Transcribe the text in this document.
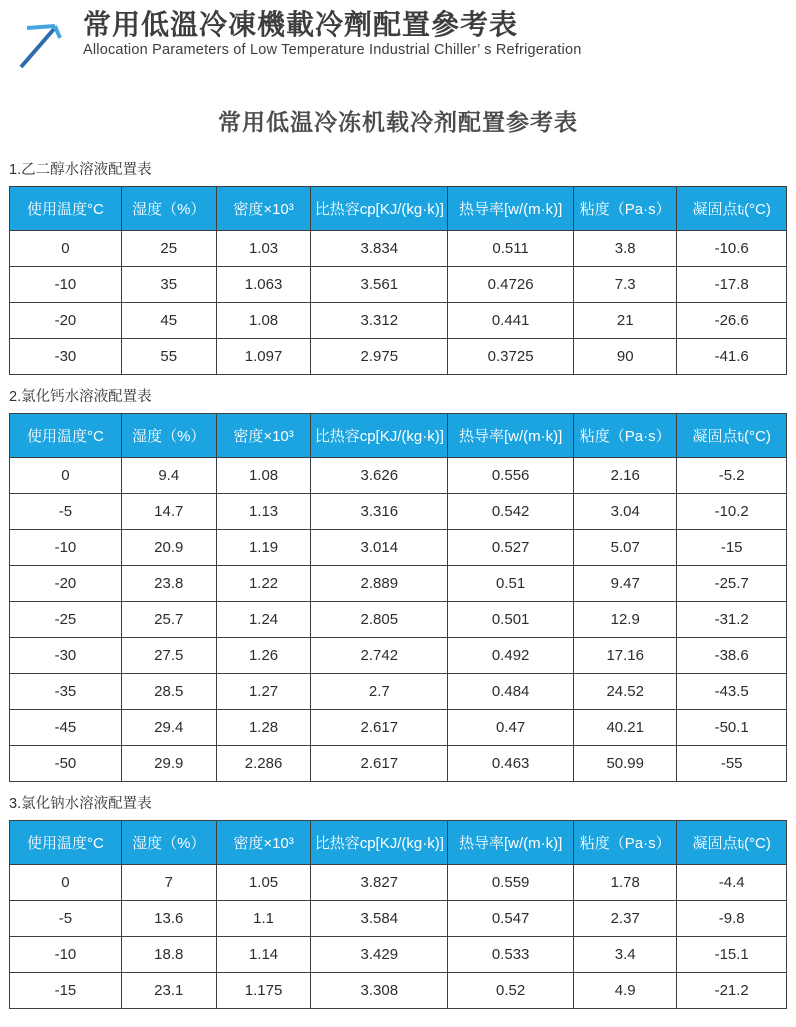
常用低溫冷凍機載冷劑配置參考表
Allocation Parameters of Low Temperature Industrial Chiller’ s Refrigeration
常用低温冷冻机载冷剂配置参考表
1.乙二醇水溶液配置表
使用温度°C	湿度（%）	密度×10³	比热容cp[KJ/(kg·k)]	热导率[w/(m·k)]	粘度（Pa·s）	凝固点tᵢ(°C)
0	25	1.03	3.834	0.511	3.8	-10.6
-10	35	1.063	3.561	0.4726	7.3	-17.8
-20	45	1.08	3.312	0.441	21	-26.6
-30	55	1.097	2.975	0.3725	90	-41.6
2.氯化钙水溶液配置表
使用温度°C	湿度（%）	密度×10³	比热容cp[KJ/(kg·k)]	热导率[w/(m·k)]	粘度（Pa·s）	凝固点tᵢ(°C)
0	9.4	1.08	3.626	0.556	2.16	-5.2
-5	14.7	1.13	3.316	0.542	3.04	-10.2
-10	20.9	1.19	3.014	0.527	5.07	-15
-20	23.8	1.22	2.889	0.51	9.47	-25.7
-25	25.7	1.24	2.805	0.501	12.9	-31.2
-30	27.5	1.26	2.742	0.492	17.16	-38.6
-35	28.5	1.27	2.7	0.484	24.52	-43.5
-45	29.4	1.28	2.617	0.47	40.21	-50.1
-50	29.9	2.286	2.617	0.463	50.99	-55
3.氯化钠水溶液配置表
使用温度°C	湿度（%）	密度×10³	比热容cp[KJ/(kg·k)]	热导率[w/(m·k)]	粘度（Pa·s）	凝固点tᵢ(°C)
0	7	1.05	3.827	0.559	1.78	-4.4
-5	13.6	1.1	3.584	0.547	2.37	-9.8
-10	18.8	1.14	3.429	0.533	3.4	-15.1
-15	23.1	1.175	3.308	0.52	4.9	-21.2
